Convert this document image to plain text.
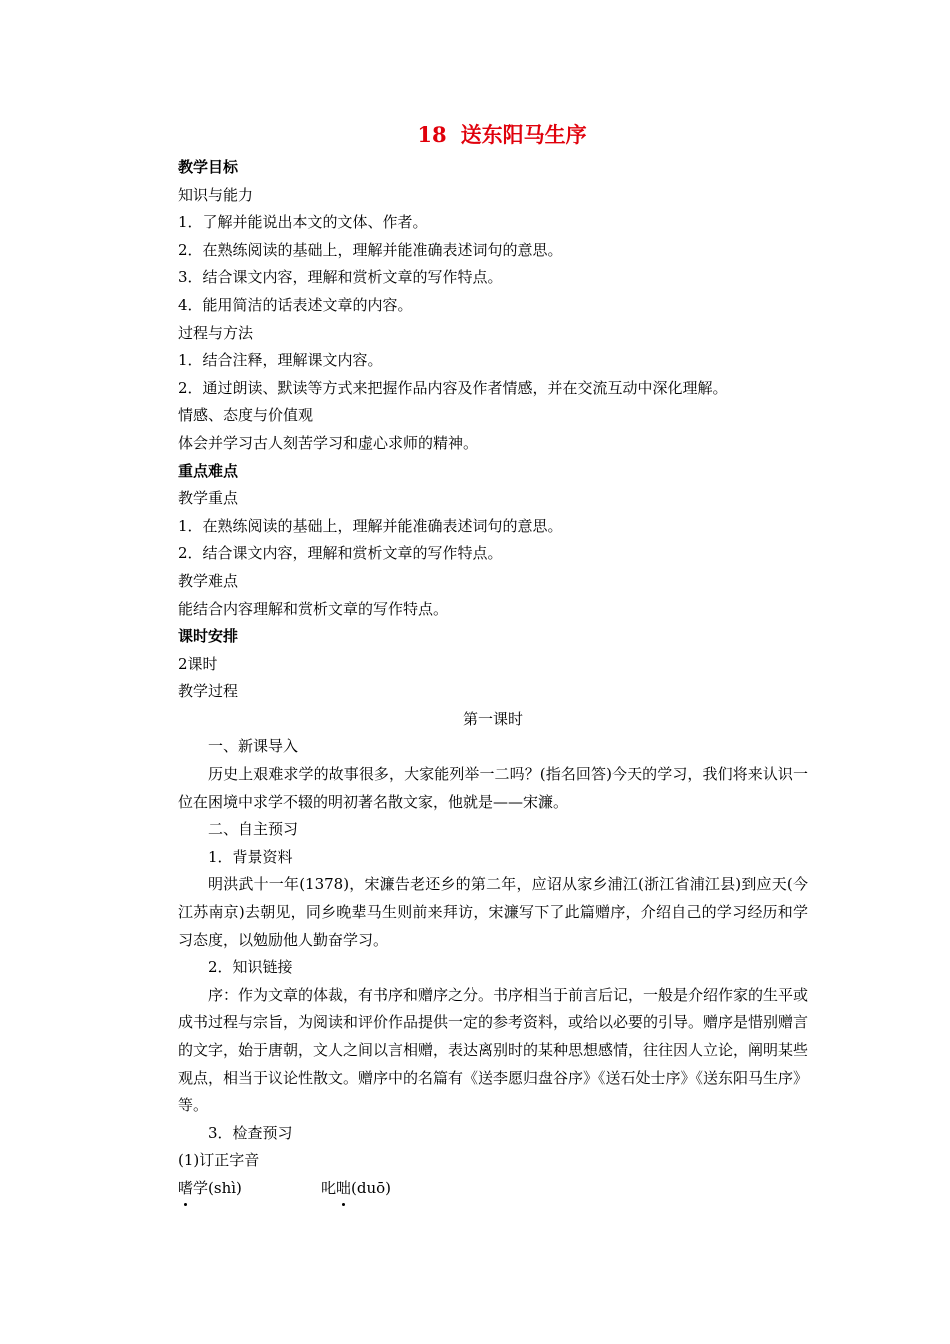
18 送东阳马生序
教学目标
知识与能力
1．了解并能说出本文的文体、作者。
2．在熟练阅读的基础上，理解并能准确表述词句的意思。
3．结合课文内容，理解和赏析文章的写作特点。
4．能用简洁的话表述文章的内容。
过程与方法
1．结合注释，理解课文内容。
2．通过朗读、默读等方式来把握作品内容及作者情感，并在交流互动中深化理解。
情感、态度与价值观
体会并学习古人刻苦学习和虚心求师的精神。
重点难点
教学重点
1．在熟练阅读的基础上，理解并能准确表述词句的意思。
2．结合课文内容，理解和赏析文章的写作特点。
教学难点
能结合内容理解和赏析文章的写作特点。
课时安排
2课时
教学过程
第一课时
一、新课导入
历史上艰难求学的故事很多，大家能列举一二吗？(指名回答)今天的学习，我们将来认识一位在困境中求学不辍的明初著名散文家，他就是——宋濂。
二、自主预习
1．背景资料
明洪武十一年(1378)，宋濂告老还乡的第二年，应诏从家乡浦江(浙江省浦江县)到应天(今江苏南京)去朝见，同乡晚辈马生则前来拜访，宋濂写下了此篇赠序，介绍自己的学习经历和学习态度，以勉励他人勤奋学习。
2．知识链接
序：作为文章的体裁，有书序和赠序之分。书序相当于前言后记，一般是介绍作家的生平或成书过程与宗旨，为阅读和评价作品提供一定的参考资料，或给以必要的引导。赠序是惜别赠言的文字，始于唐朝，文人之间以言相赠，表达离别时的某种思想感情，往往因人立论，阐明某些观点，相当于议论性散文。赠序中的名篇有《送李愿归盘谷序》《送石处士序》《送东阳马生序》等。
3．检查预习
(1)订正字音
嗜学(shì)	叱咄(duō)
